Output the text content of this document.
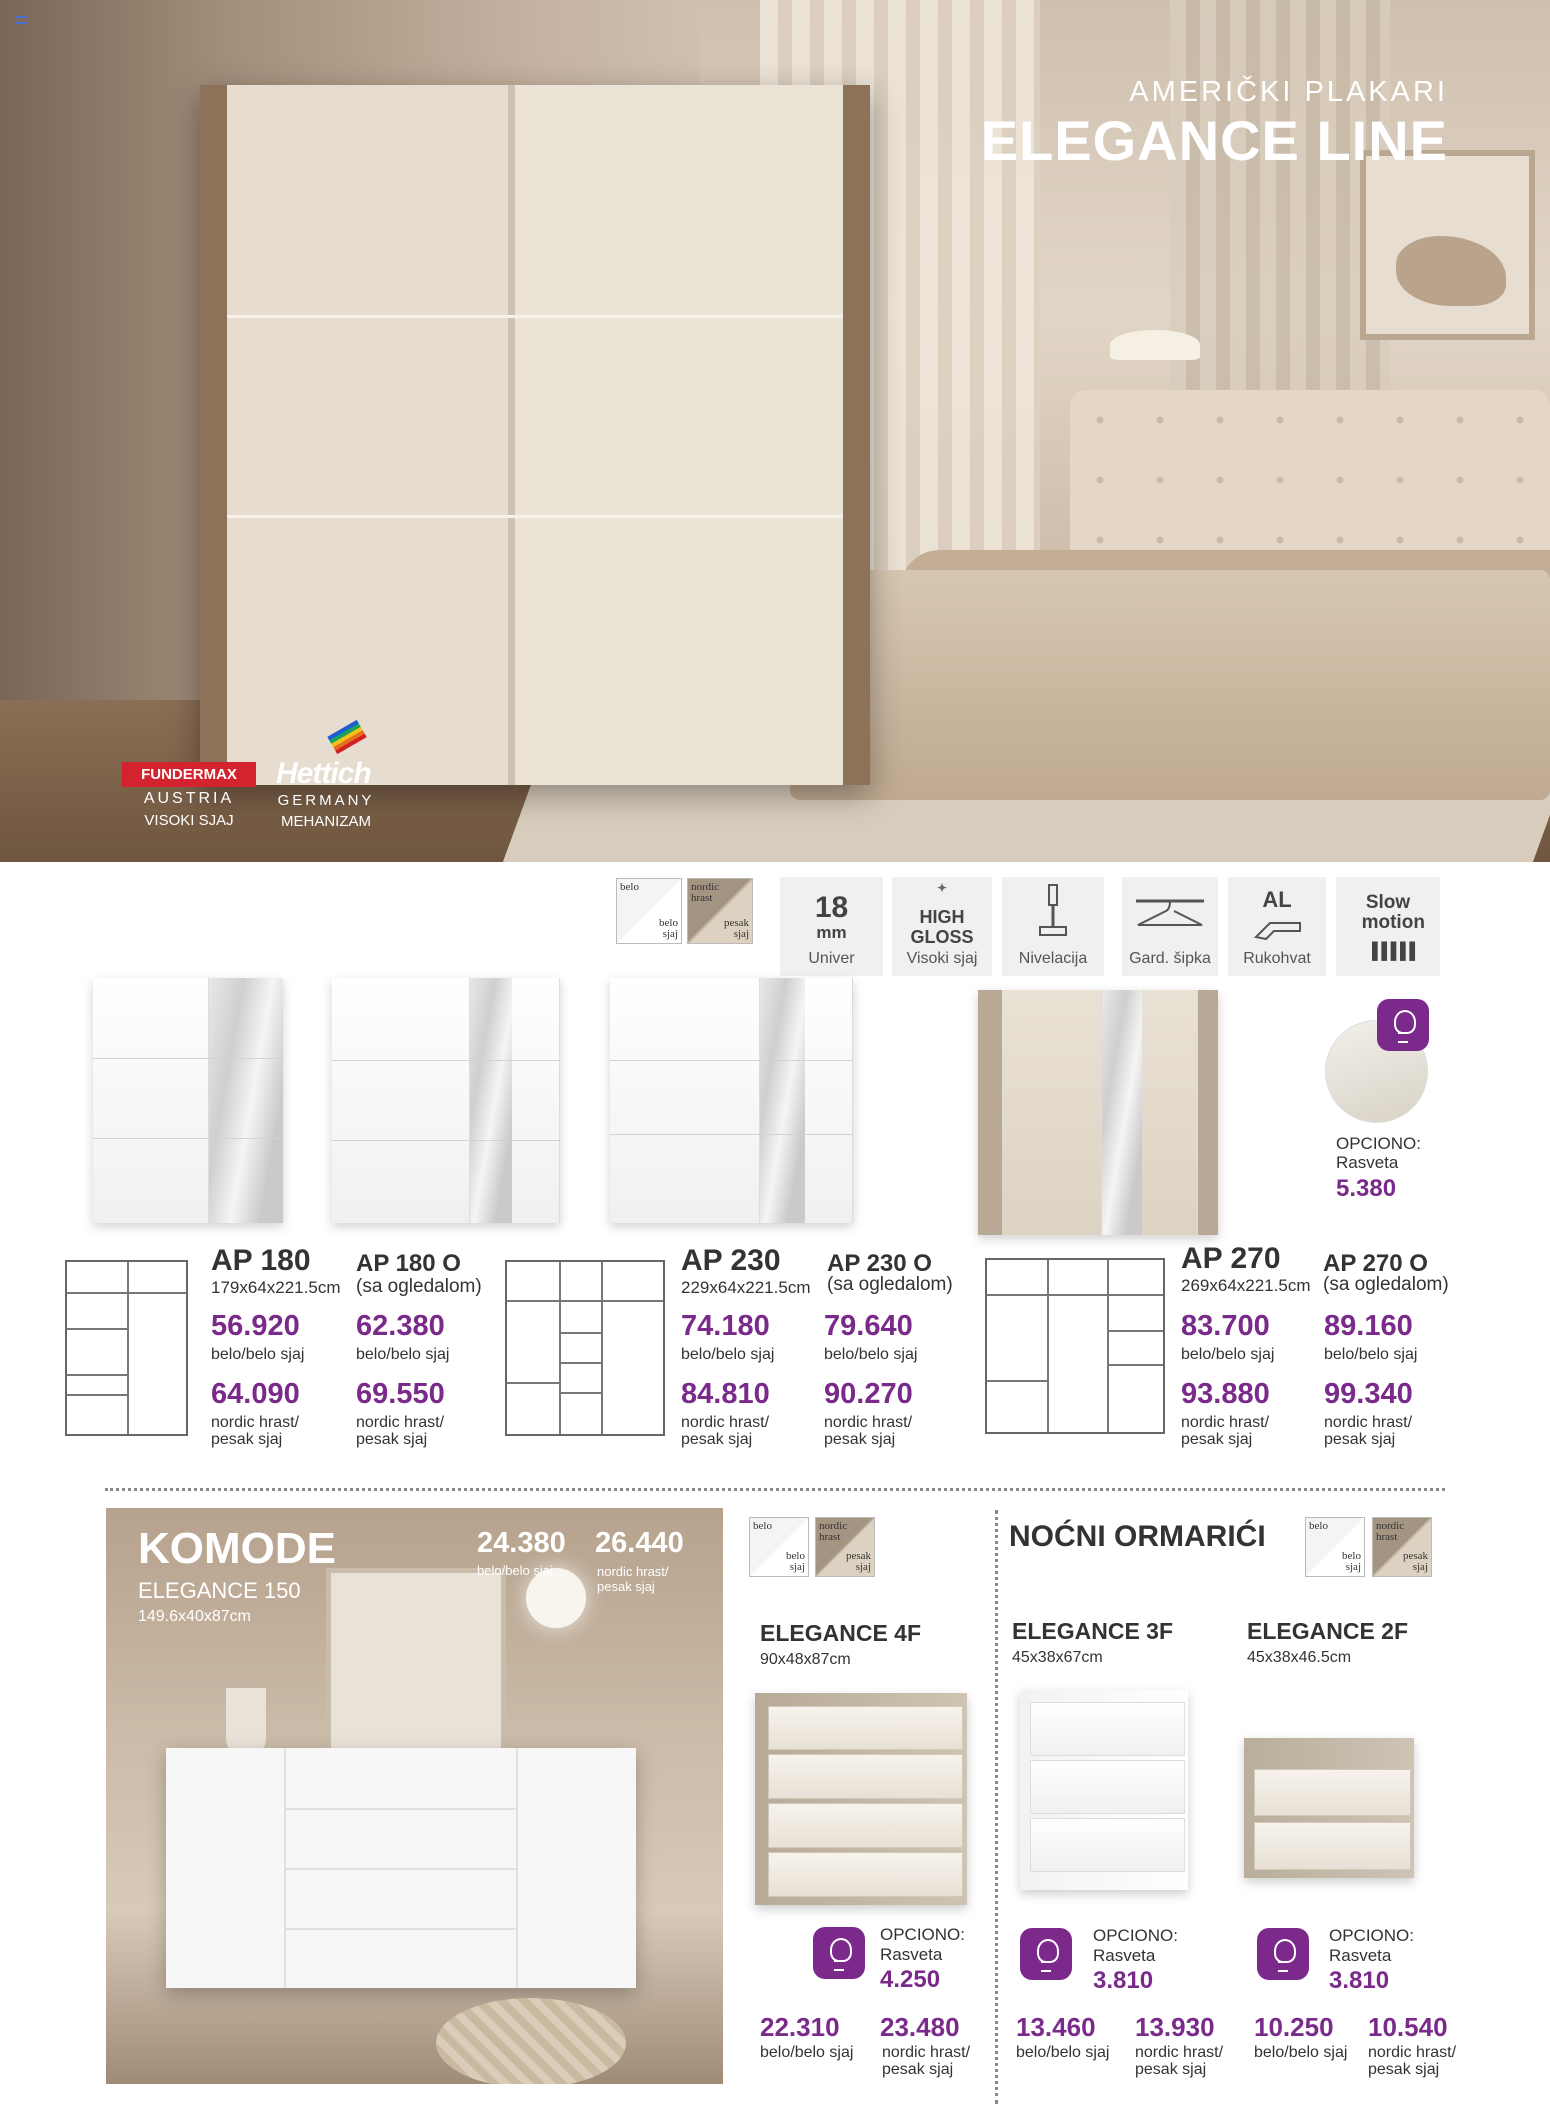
AMERIČKI PLAKARI
ELEGANCE LINE
FUNDERMAX
AUSTRIA
VISOKI SJAJ
Hettich
GERMANY
MEHANIZAM
belo
belo
sjaj
nordic
hrast
pesak
sjaj
18
mm
Univer
✦
HIGH
GLOSS
Visoki sjaj	Nivelacija	Gard. šipka
AL
Rukohvat
Slow
motion
▌▌▌▌▌
OPCIONO:
Rasveta
5.380
AP 180
179x64x221.5cm
AP 180 O
(sa ogledalom)
56.920
belo/belo sjaj
62.380
belo/belo sjaj
64.090
nordic hrast/
pesak sjaj
69.550
nordic hrast/
pesak sjaj
AP 230
229x64x221.5cm
AP 230 O
(sa ogledalom)
74.180
belo/belo sjaj
79.640
belo/belo sjaj
84.810
nordic hrast/
pesak sjaj
90.270
nordic hrast/
pesak sjaj
AP 270
269x64x221.5cm
AP 270 O
(sa ogledalom)
83.700
belo/belo sjaj
89.160
belo/belo sjaj
93.880
nordic hrast/
pesak sjaj
99.340
nordic hrast/
pesak sjaj
KOMODE
ELEGANCE 150
149.6x40x87cm
24.380
belo/belo sjaj
26.440
nordic hrast/
pesak sjaj
belo
belo
sjaj
nordic
hrast
pesak
sjaj
ELEGANCE 4F
90x48x87cm
OPCIONO:
Rasveta
4.250
22.310
belo/belo sjaj
23.480
nordic hrast/
pesak sjaj
NOĆNI ORMARIĆI	belo
belo
sjaj
nordic
hrast
pesak
sjaj
ELEGANCE 3F
45x38x67cm
OPCIONO:
Rasveta
3.810
13.460
belo/belo sjaj
13.930
nordic hrast/
pesak sjaj
ELEGANCE 2F
45x38x46.5cm
OPCIONO:
Rasveta
3.810
10.250
belo/belo sjaj
10.540
nordic hrast/
pesak sjaj
